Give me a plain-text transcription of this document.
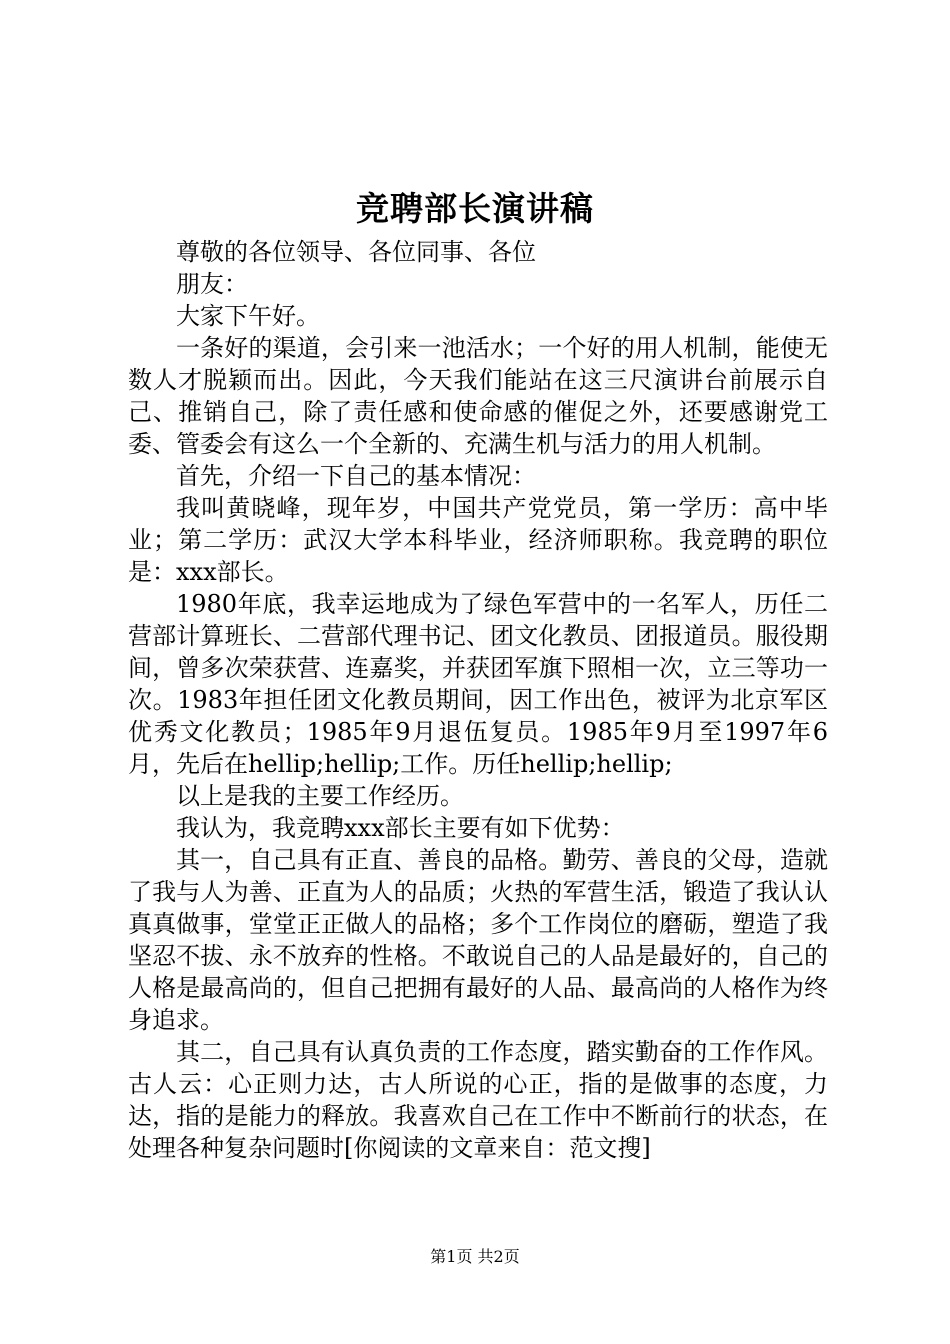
竞聘部长演讲稿

尊敬的各位领导、各位同事、各位

朋友：

大家下午好。

一条好的渠道，会引来一池活水；一个好的用人机制，能使无数人才脱颖而出。因此，今天我们能站在这三尺演讲台前展示自己、推销自己，除了责任感和使命感的催促之外，还要感谢党工委、管委会有这么一个全新的、充满生机与活力的用人机制。

首先，介绍一下自己的基本情况：

我叫黄晓峰，现年岁，中国共产党党员，第一学历：高中毕业；第二学历：武汉大学本科毕业，经济师职称。我竞聘的职位是：xxx部长。

1980年底，我幸运地成为了绿色军营中的一名军人，历任二营部计算班长、二营部代理书记、团文化教员、团报道员。服役期间，曾多次荣获营、连嘉奖，并获团军旗下照相一次，立三等功一次。1983年担任团文化教员期间，因工作出色，被评为北京军区优秀文化教员；1985年9月退伍复员。1985年9月至1997年6月，先后在hellip;hellip;工作。历任hellip;hellip;

以上是我的主要工作经历。

我认为，我竞聘xxx部长主要有如下优势：

其一，自己具有正直、善良的品格。勤劳、善良的父母，造就了我与人为善、正直为人的品质；火热的军营生活，锻造了我认认真真做事，堂堂正正做人的品格；多个工作岗位的磨砺，塑造了我坚忍不拔、永不放弃的性格。不敢说自己的人品是最好的，自己的人格是最高尚的，但自己把拥有最好的人品、最高尚的人格作为终身追求。

其二，自己具有认真负责的工作态度，踏实勤奋的工作作风。古人云：心正则力达，古人所说的心正，指的是做事的态度，力达，指的是能力的释放。我喜欢自己在工作中不断前行的状态，在处理各种复杂问题时[你阅读的文章来自：范文搜]

第1页 共2页
